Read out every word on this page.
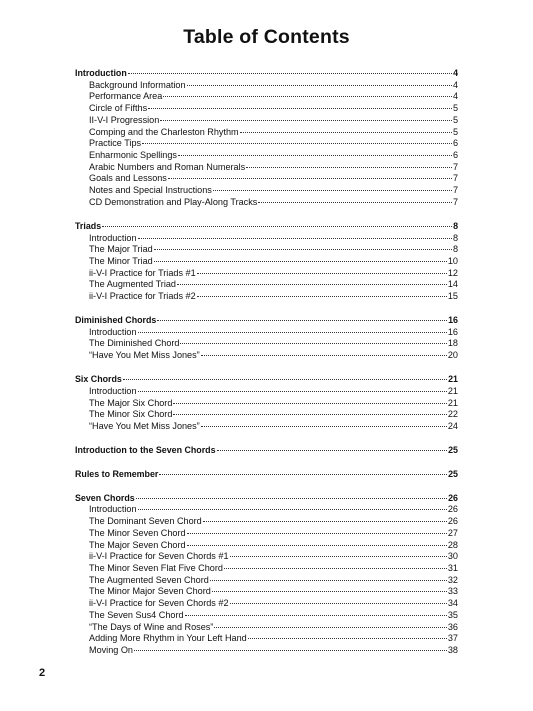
Table of Contents
Introduction	4
Background Information	4
Performance Area	4
Circle of Fifths	5
II-V-I Progression	5
Comping and the Charleston Rhythm	5
Practice Tips	6
Enharmonic Spellings	6
Arabic Numbers and Roman Numerals	7
Goals and Lessons	7
Notes and Special Instructions	7
CD Demonstration and Play-Along Tracks	7
Triads	8
Introduction	8
The Major Triad	8
The Minor Triad	10
ii-V-I Practice for Triads #1	12
The Augmented Triad	14
ii-V-I Practice for Triads #2	15
Diminished Chords	16
Introduction	16
The Diminished Chord	18
“Have You Met Miss Jones”	20
Six Chords	21
Introduction	21
The Major Six Chord	21
The Minor Six Chord	22
“Have You Met Miss Jones”	24
Introduction to the Seven Chords	25
Rules to Remember	25
Seven Chords	26
Introduction	26
The Dominant Seven Chord	26
The Minor Seven Chord	27
The Major Seven Chord	28
ii-V-I Practice for Seven Chords #1	30
The Minor Seven Flat Five Chord	31
The Augmented Seven Chord	32
The Minor Major Seven Chord	33
ii-V-I Practice for Seven Chords #2	34
The Seven Sus4 Chord	35
“The Days of Wine and Roses”	36
Adding More Rhythm in Your Left Hand	37
Moving On	38
2
